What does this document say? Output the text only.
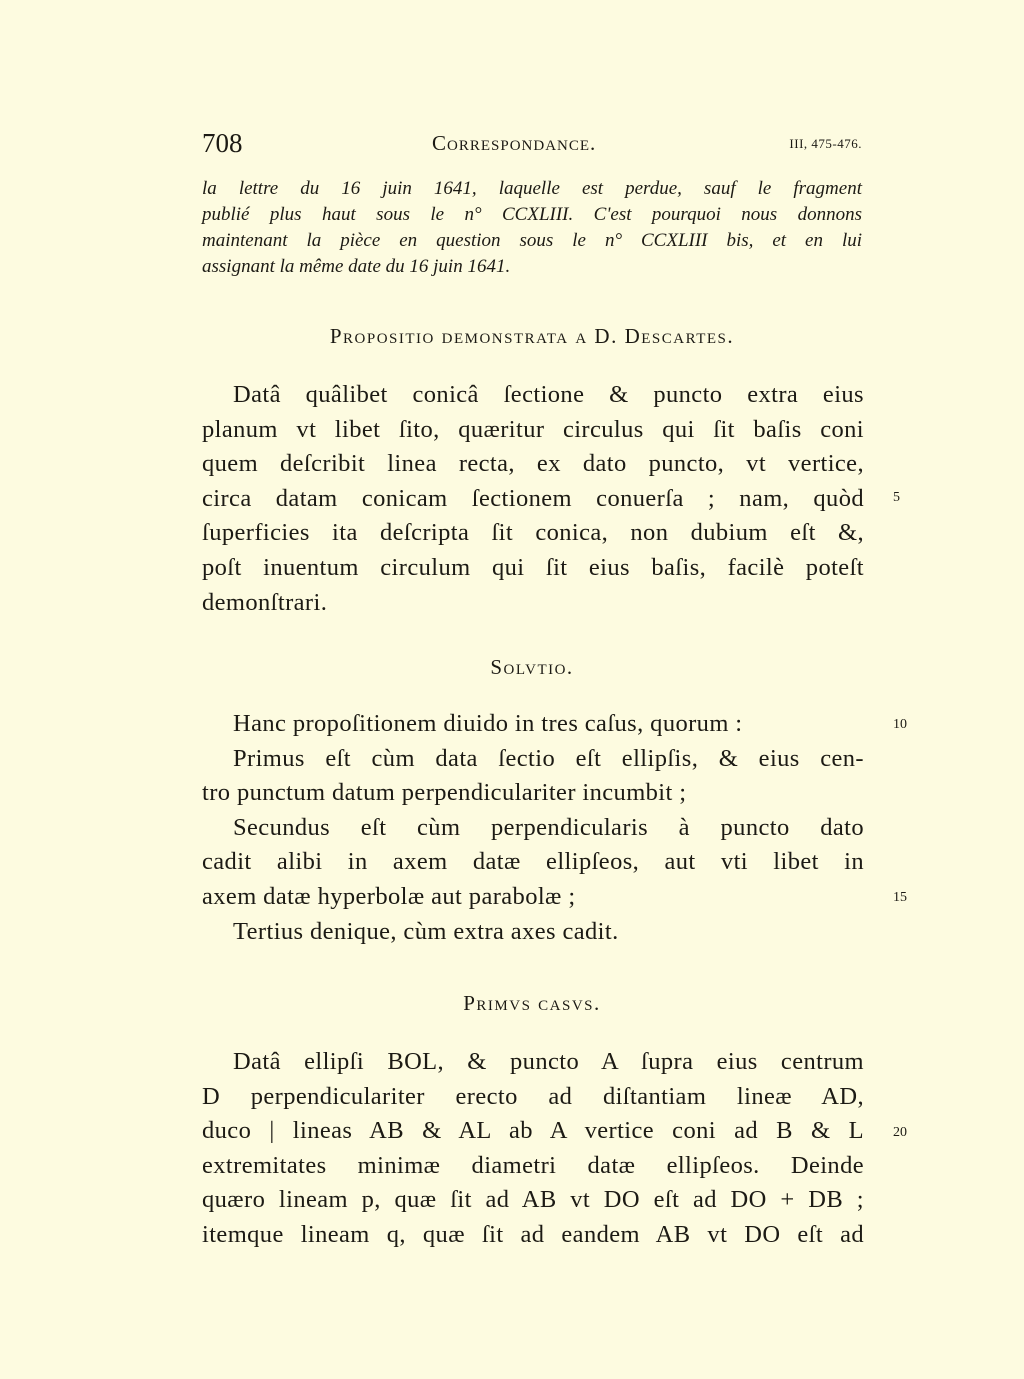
708	Correspondance.	III, 475-476.
la lettre du 16 juin 1641, laquelle est perdue, sauf le fragment
publié plus haut sous le n° CCXLIII. C'est pourquoi nous donnons
maintenant la pièce en question sous le n° CCXLIII bis, et en lui
assignant la même date du 16 juin 1641.
Propositio demonstrata a D. Descartes.
Datâ quâlibet conicâ ſectione & puncto extra eius
planum vt libet ſito, quæritur circulus qui ſit baſis coni
quem deſcribit linea recta, ex dato puncto, vt vertice,
circa datam conicam ſectionem conuerſa ; nam, quòd
ſuperficies ita deſcripta ſit conica, non dubium eſt &,
poſt inuentum circulum qui ſit eius baſis, facilè poteſt
demonſtrari.
Solvtio.
Hanc propoſitionem diuido in tres caſus, quorum :
Primus eſt cùm data ſectio eſt ellipſis, & eius cen-
tro punctum datum perpendiculariter incumbit ;
Secundus eſt cùm perpendicularis à puncto dato
cadit alibi in axem datæ ellipſeos, aut vti libet in
axem datæ hyperbolæ aut parabolæ ;
Tertius denique, cùm extra axes cadit.
Primvs casvs.
Datâ ellipſi BOL, & puncto A ſupra eius centrum
D perpendiculariter erecto ad diſtantiam lineæ AD,
duco | lineas AB & AL ab A vertice coni ad B & L
extremitates minimæ diametri datæ ellipſeos. Deinde
quæro lineam p, quæ ſit ad AB vt DO eſt ad DO + DB ;
itemque lineam q, quæ ſit ad eandem AB vt DO eſt ad
5
10
15
20
